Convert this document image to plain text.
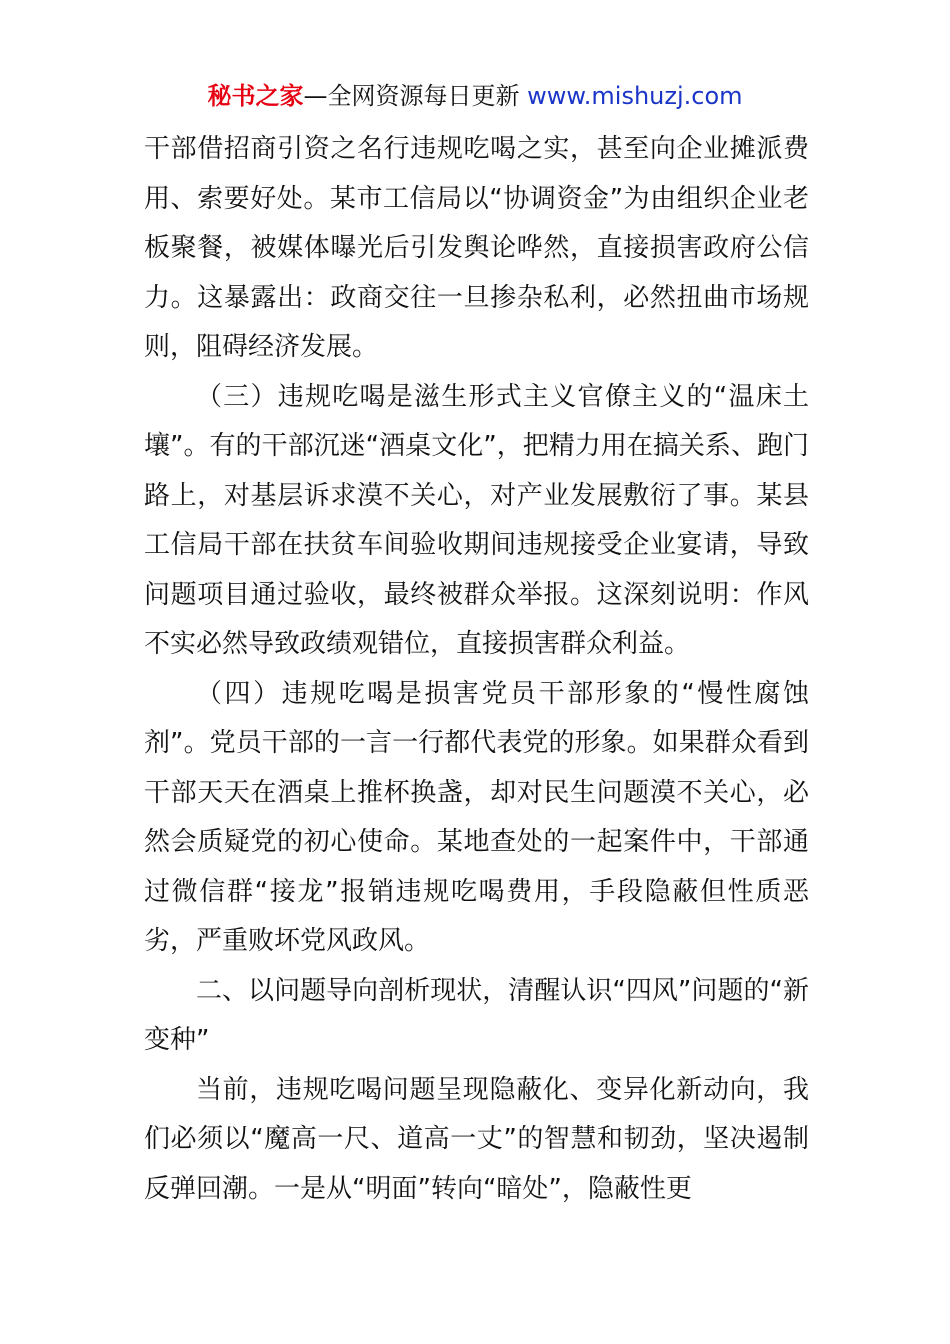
秘书之家—全网资源每日更新 www.mishuzj.com

干部借招商引资之名行违规吃喝之实，甚至向企业摊派费用、索要好处。某市工信局以“协调资金”为由组织企业老板聚餐，被媒体曝光后引发舆论哗然，直接损害政府公信力。这暴露出：政商交往一旦掺杂私利，必然扭曲市场规则，阻碍经济发展。

（三）违规吃喝是滋生形式主义官僚主义的“温床土壤”。有的干部沉迷“酒桌文化”，把精力用在搞关系、跑门路上，对基层诉求漠不关心，对产业发展敷衍了事。某县工信局干部在扶贫车间验收期间违规接受企业宴请，导致问题项目通过验收，最终被群众举报。这深刻说明：作风不实必然导致政绩观错位，直接损害群众利益。

（四）违规吃喝是损害党员干部形象的“慢性腐蚀剂”。党员干部的一言一行都代表党的形象。如果群众看到干部天天在酒桌上推杯换盏，却对民生问题漠不关心，必然会质疑党的初心使命。某地查处的一起案件中，干部通过微信群“接龙”报销违规吃喝费用，手段隐蔽但性质恶劣，严重败坏党风政风。

二、以问题导向剖析现状，清醒认识“四风”问题的“新变种”

当前，违规吃喝问题呈现隐蔽化、变异化新动向，我们必须以“魔高一尺、道高一丈”的智慧和韧劲，坚决遏制反弹回潮。一是从“明面”转向“暗处”，隐蔽性更
